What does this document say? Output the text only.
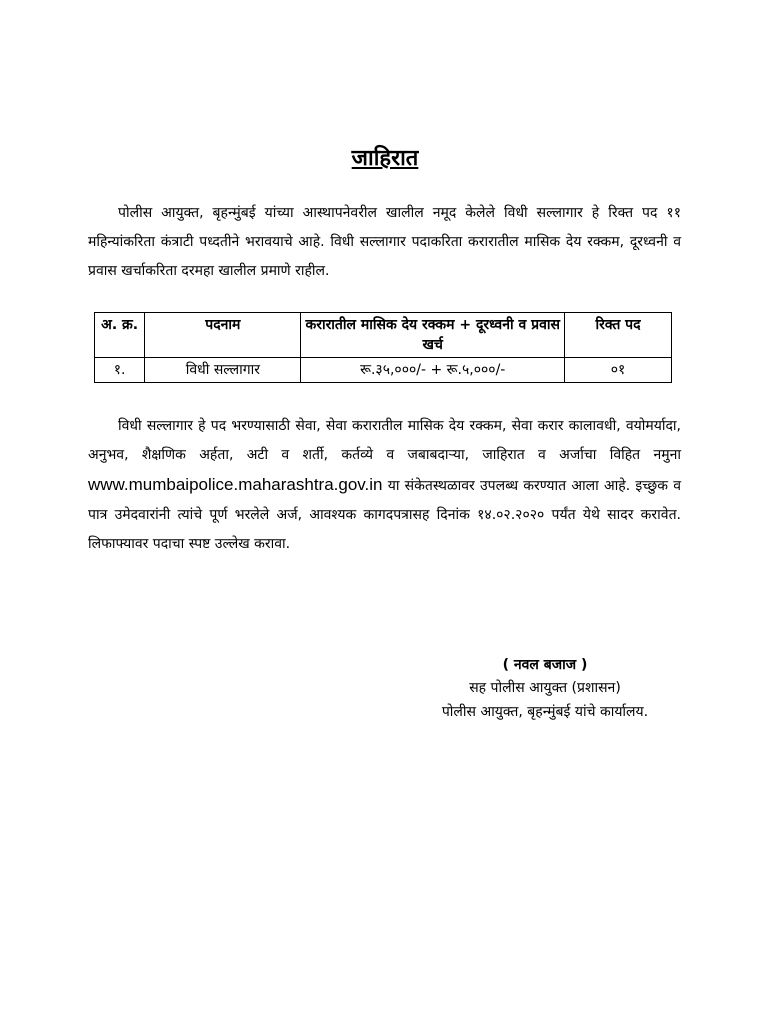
जाहिरात
पोलीस आयुक्त, बृहन्मुंबई यांच्या आस्थापनेवरील खालील नमूद केलेले विधी सल्लागार हे रिक्त पद ११ महिन्यांकरिता कंत्राटी पध्दतीने भरावयाचे आहे. विधी सल्लागार पदाकरिता करारातील मासिक देय रक्कम, दूरध्वनी व प्रवास खर्चाकरिता दरमहा खालील प्रमाणे राहील.
अ. क्र.	पदनाम	करारातील मासिक देय रक्कम + दूरध्वनी व प्रवास खर्च	रिक्त पद
१.	विधी सल्लागार	रू.३५,०००/- + रू.५,०००/-	०१
विधी सल्लागार हे पद भरण्यासाठी सेवा, सेवा करारातील मासिक देय रक्कम, सेवा करार कालावधी, वयोमर्यादा, अनुभव, शैक्षणिक अर्हता, अटी व शर्ती, कर्तव्ये व जबाबदाऱ्या, जाहिरात व अर्जाचा विहित नमुना www.mumbaipolice.maharashtra.gov.in या संकेतस्थळावर उपलब्ध करण्यात आला आहे. इच्छुक व पात्र उमेदवारांनी त्यांचे पूर्ण भरलेले अर्ज, आवश्यक कागदपत्रासह दिनांक १४.०२.२०२० पर्यंत येथे सादर करावेत. लिफाफ्यावर पदाचा स्पष्ट उल्लेख करावा.
( नवल बजाज )
सह पोलीस आयुक्त (प्रशासन)
पोलीस आयुक्त, बृहन्मुंबई यांचे कार्यालय.
